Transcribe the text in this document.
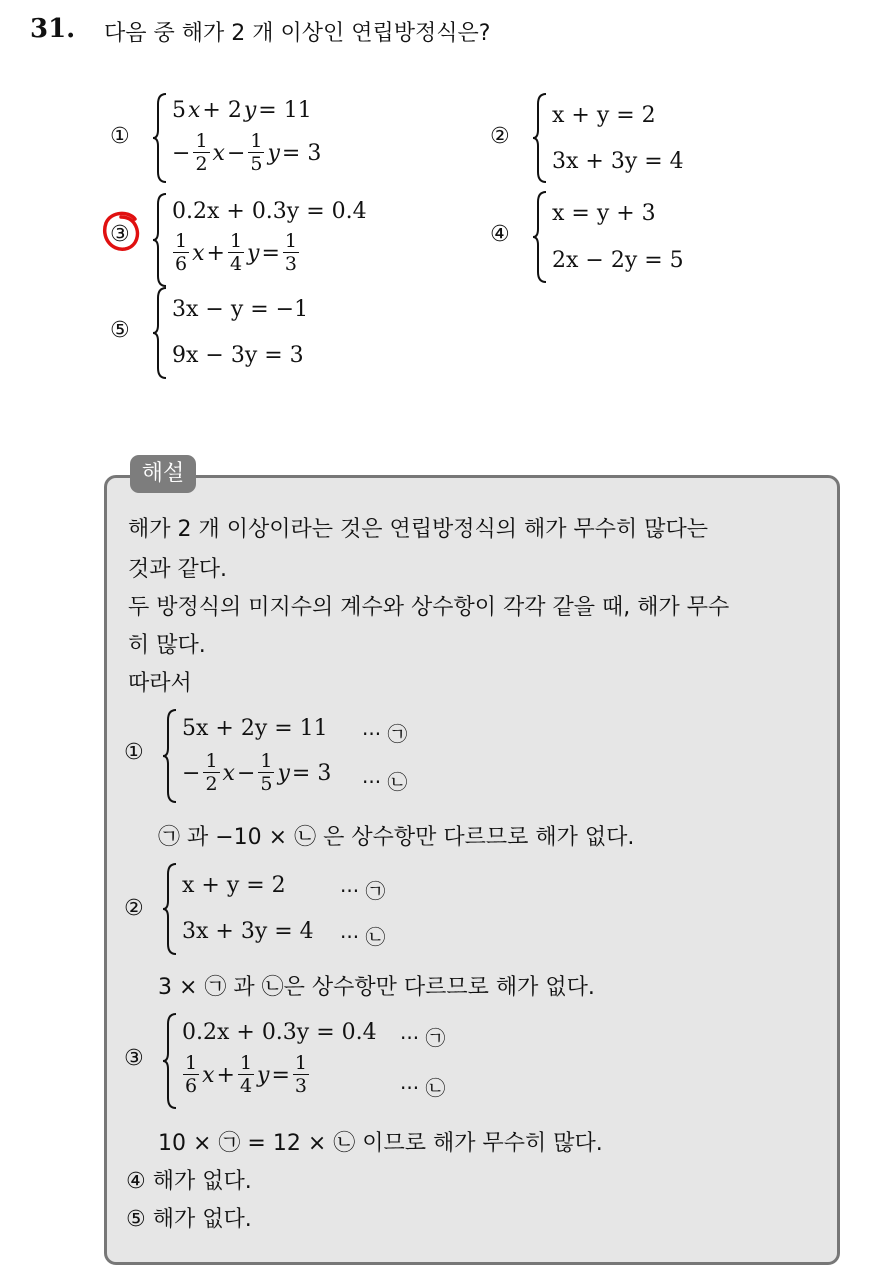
31. 다음 중 해가 2 개 이상인 연립방정식은?
①
5 x + 2 y = 11
− $\frac{1}{2}$ $x - \frac{1}{5}$ y = 3
②
x + y = 2
3x + 3y = 4
③
0.2x + 0.3y = 0.4
$\frac{1}{6}$ $x + \frac{1}{4}$ $y = \frac{1}{3}$	④
x = y + 3
2x − 2y = 5
⑤
3x − y = −1
9x − 3y = 3
해설
해가 2 개 이상이라는 것은 연립방정식의 해가 무수히 많다는
것과 같다.
두 방정식의 미지수의 계수와 상수항이 각각 같을 때, 해가 무수
히 많다.
따라서
①
5x + 2y = 11
− $\frac{1}{2}$ $x - \frac{1}{5}$ y = 3
··· ㉠
··· ㉡
㉠ 과 −10 × ㉡ 은 상수항만 다르므로 해가 없다.
②
x + y = 2
3x + 3y = 4
··· ㉠
··· ㉡
3 × ㉠ 과 ㉡은 상수항만 다르므로 해가 없다.
③
0.2x + 0.3y = 0.4
$\frac{1}{6}$ $x + \frac{1}{4}$ $y = \frac{1}{3}$
··· ㉠
··· ㉡
10 × ㉠ = 12 × ㉡ 이므로 해가 무수히 많다.
④ 해가 없다.
⑤ 해가 없다.
